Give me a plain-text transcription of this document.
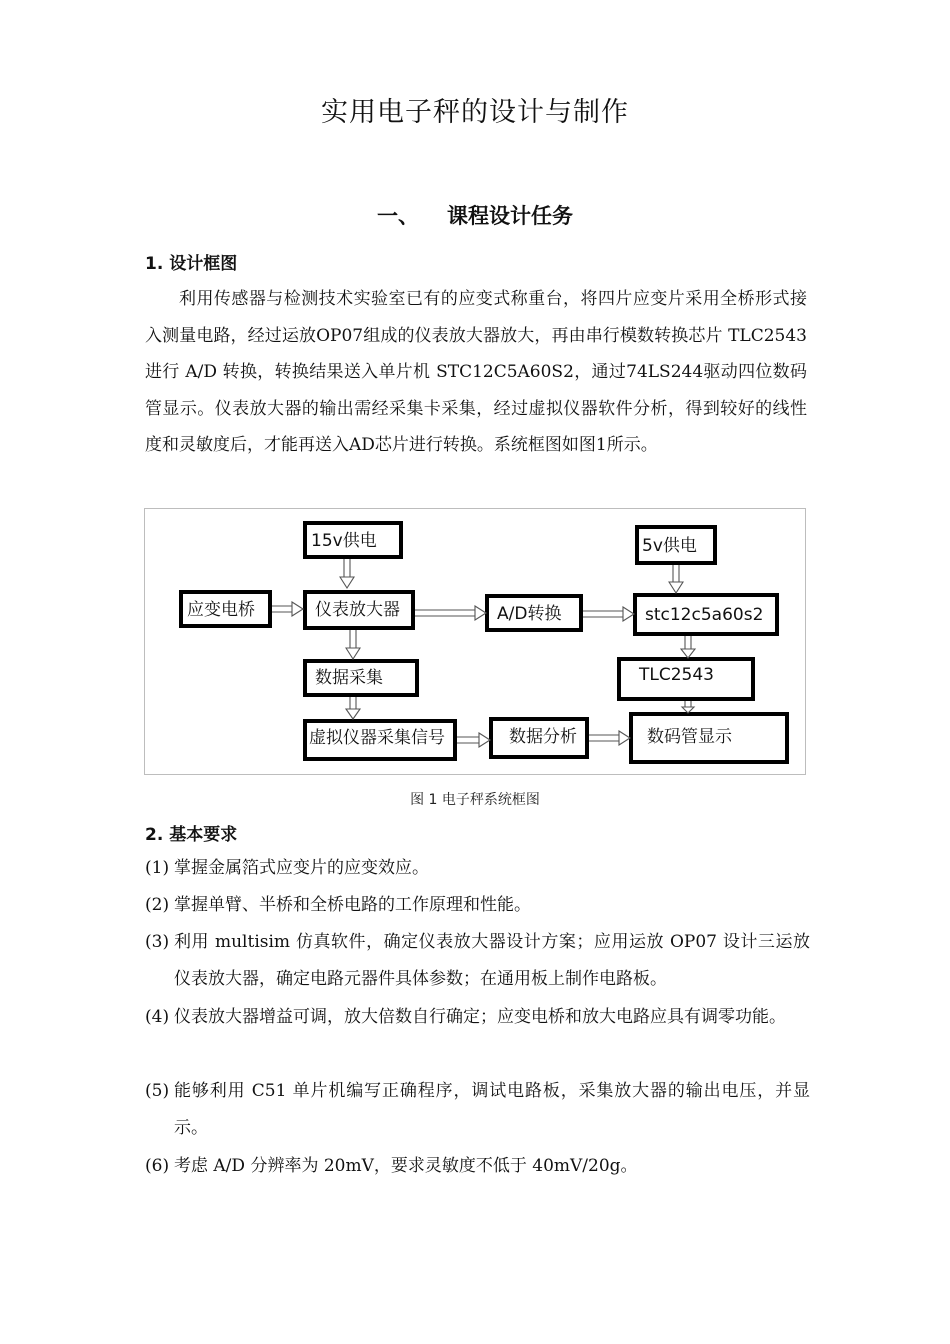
实用电子秤的设计与制作
一、 课程设计任务
1. 设计框图

利用传感器与检测技术实验室已有的应变式称重台，将四片应变片采用全桥形式接入测量电路，经过运放OP07组成的仪表放大器放大，再由串行模数转换芯片 TLC2543 进行 A/D 转换，转换结果送入单片机 STC12C5A60S2，通过74LS244驱动四位数码管显示。仪表放大器的输出需经采集卡采集，经过虚拟仪器软件分析，得到较好的线性度和灵敏度后，才能再送入AD芯片进行转换。系统框图如图1所示。

15v供电
应变电桥	仪表放大器	A/D转换
5v供电
stc12c5a60s2
数据采集	TLC2543
虚拟仪器采集信号	数据分析	数码管显示
图 1 电子秤系统框图
2. 基本要求
(1) 掌握金属箔式应变片的应变效应。
(2) 掌握单臂、半桥和全桥电路的工作原理和性能。
(3) 利用 multisim 仿真软件，确定仪表放大器设计方案；应用运放 OP07 设计三运放仪表放大器，确定电路元器件具体参数；在通用板上制作电路板。
(4) 仪表放大器增益可调，放大倍数自行确定；应变电桥和放大电路应具有调零功能。
(5) 能够利用 C51 单片机编写正确程序，调试电路板，采集放大器的输出电压，并显示。
(6) 考虑 A/D 分辨率为 20mV，要求灵敏度不低于 40mV/20g。
